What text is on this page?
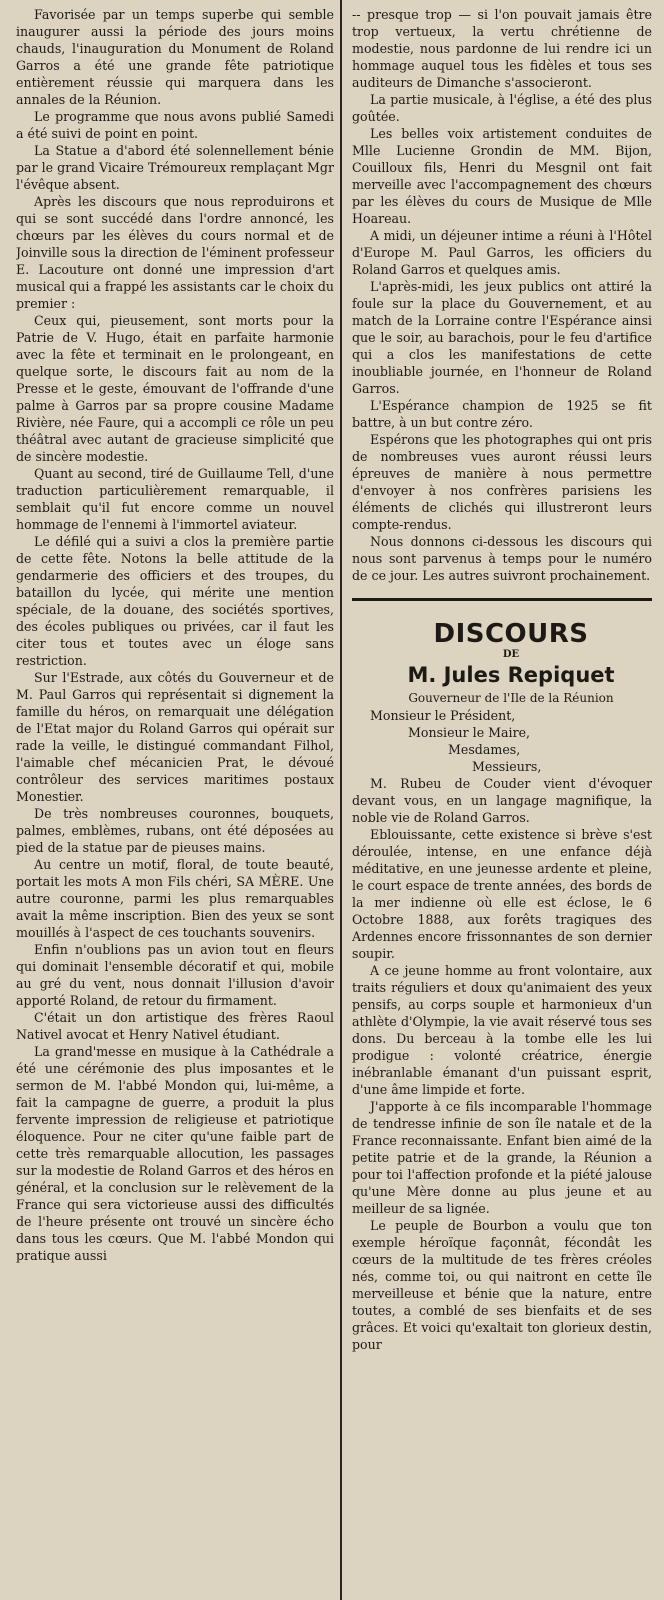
Favorisée par un temps superbe qui semble inaugurer aussi la période des jours moins chauds, l'inauguration du Monument de Roland Garros a été une grande fête patriotique entièrement réussie qui marquera dans les annales de la Réunion.

Le programme que nous avons publié Samedi a été suivi de point en point.

La Statue a d'abord été solennellement bénie par le grand Vicaire Trémoureux remplaçant Mgr l'évêque absent.

Après les discours que nous reproduirons et qui se sont succédé dans l'ordre annoncé, les chœurs par les élèves du cours normal et de Joinville sous la direction de l'éminent professeur E. Lacouture ont donné une impression d'art musical qui a frappé les assistants car le choix du premier :

Ceux qui, pieusement, sont morts pour la Patrie de V. Hugo, était en parfaite harmonie avec la fête et terminait en le prolongeant, en quelque sorte, le discours fait au nom de la Presse et le geste, émouvant de l'offrande d'une palme à Garros par sa propre cousine Madame Rivière, née Faure, qui a accompli ce rôle un peu théâtral avec autant de gracieuse simplicité que de sincère modestie.

Quant au second, tiré de Guillaume Tell, d'une traduction particulièrement remarquable, il semblait qu'il fut encore comme un nouvel hommage de l'ennemi à l'immortel aviateur.

Le défilé qui a suivi a clos la première partie de cette fête. Notons la belle attitude de la gendarmerie des officiers et des troupes, du bataillon du lycée, qui mérite une mention spéciale, de la douane, des sociétés sportives, des écoles publiques ou privées, car il faut les citer tous et toutes avec un éloge sans restriction.

Sur l'Estrade, aux côtés du Gouverneur et de M. Paul Garros qui représentait si dignement la famille du héros, on remarquait une délégation de l'Etat major du Roland Garros qui opérait sur rade la veille, le distingué commandant Filhol, l'aimable chef mécanicien Prat, le dévoué contrôleur des services maritimes postaux Monestier.

De très nombreuses couronnes, bouquets, palmes, emblèmes, rubans, ont été déposées au pied de la statue par de pieuses mains.

Au centre un motif, floral, de toute beauté, portait les mots A mon Fils chéri, SA MÈRE. Une autre couronne, parmi les plus remarquables avait la même inscription. Bien des yeux se sont mouillés à l'aspect de ces touchants souvenirs.

Enfin n'oublions pas un avion tout en fleurs qui dominait l'ensemble décoratif et qui, mobile au gré du vent, nous donnait l'illusion d'avoir apporté Roland, de retour du firmament.

C'était un don artistique des frères Raoul Nativel avocat et Henry Nativel étudiant.

La grand'messe en musique à la Cathédrale a été une cérémonie des plus imposantes et le sermon de M. l'abbé Mondon qui, lui-même, a fait la campagne de guerre, a produit la plus fervente impression de religieuse et patriotique éloquence. Pour ne citer qu'une faible part de cette très remarquable allocution, les passages sur la modestie de Roland Garros et des héros en général, et la conclusion sur le relèvement de la France qui sera victorieuse aussi des difficultés de l'heure présente ont trouvé un sincère écho dans tous les cœurs. Que M. l'abbé Mondon qui pratique aussi

-- presque trop — si l'on pouvait jamais être trop vertueux, la vertu chrétienne de modestie, nous pardonne de lui rendre ici un hommage auquel tous les fidèles et tous ses auditeurs de Dimanche s'associeront.

La partie musicale, à l'église, a été des plus goûtée.

Les belles voix artistement conduites de Mlle Lucienne Grondin de MM. Bijon, Couilloux fils, Henri du Mesgnil ont fait merveille avec l'accompagnement des chœurs par les élèves du cours de Musique de Mlle Hoareau.

A midi, un déjeuner intime a réuni à l'Hôtel d'Europe M. Paul Garros, les officiers du Roland Garros et quelques amis.

L'après-midi, les jeux publics ont attiré la foule sur la place du Gouvernement, et au match de la Lorraine contre l'Espérance ainsi que le soir, au barachois, pour le feu d'artifice qui a clos les manifestations de cette inoubliable journée, en l'honneur de Roland Garros.

L'Espérance champion de 1925 se fit battre, à un but contre zéro.

Espérons que les photographes qui ont pris de nombreuses vues auront réussi leurs épreuves de manière à nous permettre d'envoyer à nos confrères parisiens les éléments de clichés qui illustreront leurs compte-rendus.

Nous donnons ci-dessous les discours qui nous sont parvenus à temps pour le numéro de ce jour. Les autres suivront prochainement.

DISCOURS

DE

M. Jules Repiquet

Gouverneur de l'Ile de la Réunion

Monsieur le Président,

Monsieur le Maire,

Mesdames,

Messieurs,

M. Rubeu de Couder vient d'évoquer devant vous, en un langage magnifique, la noble vie de Roland Garros.

Eblouissante, cette existence si brève s'est déroulée, intense, en une enfance déjà méditative, en une jeunesse ardente et pleine, le court espace de trente années, des bords de la mer indienne où elle est éclose, le 6 Octobre 1888, aux forêts tragiques des Ardennes encore frissonnantes de son dernier soupir.

A ce jeune homme au front volontaire, aux traits réguliers et doux qu'animaient des yeux pensifs, au corps souple et harmonieux d'un athlète d'Olympie, la vie avait réservé tous ses dons. Du berceau à la tombe elle les lui prodigue : volonté créatrice, énergie inébranlable émanant d'un puissant esprit, d'une âme limpide et forte.

J'apporte à ce fils incomparable l'hommage de tendresse infinie de son île natale et de la France reconnaissante. Enfant bien aimé de la petite patrie et de la grande, la Réunion a pour toi l'affection profonde et la piété jalouse qu'une Mère donne au plus jeune et au meilleur de sa lignée.

Le peuple de Bourbon a voulu que ton exemple héroïque façonnât, fécondât les cœurs de la multitude de tes frères créoles nés, comme toi, ou qui naitront en cette île merveilleuse et bénie que la nature, entre toutes, a comblé de ses bienfaits et de ses grâces. Et voici qu'exaltait ton glorieux destin, pour
